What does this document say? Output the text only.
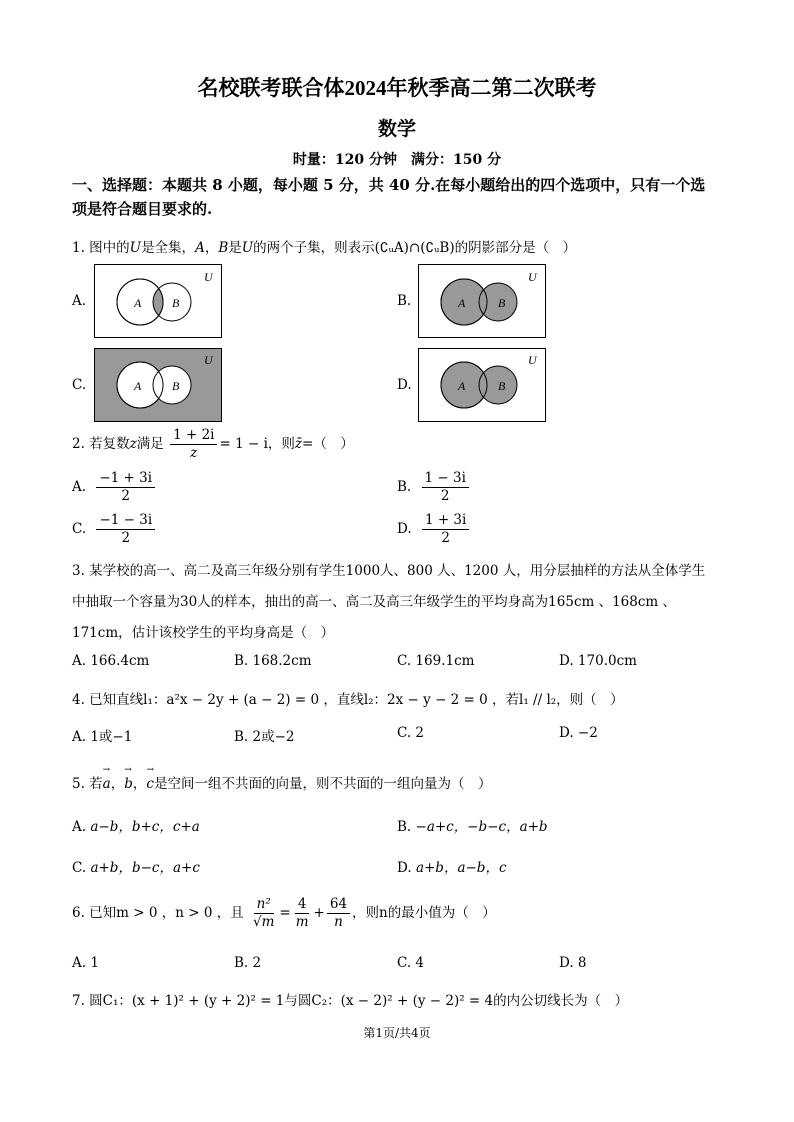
名校联考联合体2024年秋季高二第二次联考
数学
时量：120 分钟　满分：150 分
一、选择题：本题共 8 小题，每小题 5 分，共 40 分.在每小题给出的四个选项中，只有一个选
项是符合题目要求的.
1. 图中的U是全集，A，B是U的两个子集，则表示(∁ᵤA)∩(∁ᵤB)的阴影部分是（　）
A.	A	B
U
B.	A	B
U
C.	A	B
U
D.	A	B
U
2. 若复数z满足 $\frac{1 + 2i}{z} = 1 - i$，则z̄=（　）
A. $\frac{-1 + 3i}{2}$	B. $\frac{1 - 3i}{2}$
C. $\frac{-1 - 3i}{2}$	D. $\frac{1 + 3i}{2}$
3. 某学校的高一、高二及高三年级分别有学生1000人、800 人、1200 人，用分层抽样的方法从全体学生
中抽取一个容量为30人的样本，抽出的高一、高二及高三年级学生的平均身高为165cm 、168cm 、
171cm，估计该校学生的平均身高是（　）
A. 166.4cm	B. 168.2cm	C. 169.1cm	D. 170.0cm
4. 已知直线l₁：a²x − 2y + (a − 2) = 0 ，直线l₂：2x − y − 2 = 0 ，若l₁ // l₂，则（　）
A. 1或−1	B. 2或−2	C. 2	D. −2
5. 若→ a，→ b，→ c是空间一组不共面的向量，则不共面的一组向量为（　）
A. a−b，b+c，c+a	B. −a+c，−b−c，a+b
C. a+b，b−c，a+c	D. a+b，a−b，c
6. 已知m > 0 ，n > 0 ，且 $\frac{\text{n²}}{√m} = \frac{4}{m} + \frac{64}{n}$ ，则n的最小值为（　）
A. 1	B. 2	C. 4	D. 8
7. 圆C₁：(x + 1)² + (y + 2)² = 1与圆C₂：(x − 2)² + (y − 2)² = 4的内公切线长为（　）
第1页/共4页
